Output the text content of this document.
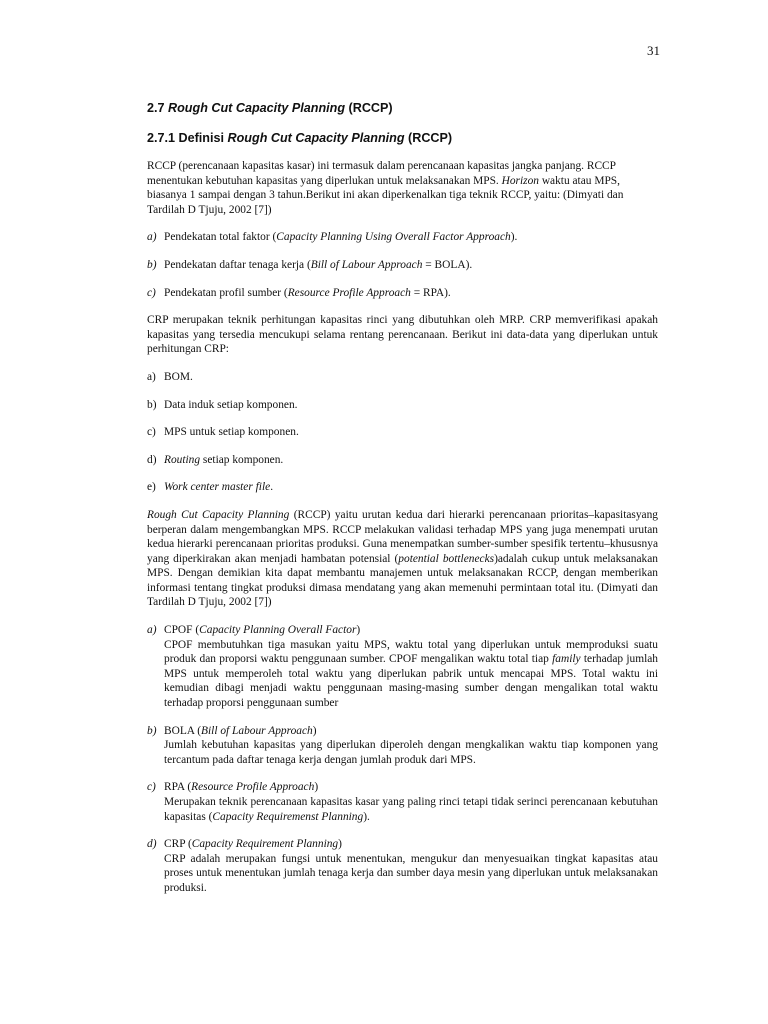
31
2.7 Rough Cut Capacity Planning (RCCP)
2.7.1 Definisi Rough Cut Capacity Planning (RCCP)

RCCP (perencanaan kapasitas kasar) ini termasuk dalam perencanaan kapasitas jangka panjang. RCCP menentukan kebutuhan kapasitas yang diperlukan untuk melaksanakan MPS. Horizon waktu atau MPS, biasanya 1 sampai dengan 3 tahun.Berikut ini akan diperkenalkan tiga teknik RCCP, yaitu: (Dimyati dan Tardilah D Tjuju, 2002 [7])

a) Pendekatan total faktor (Capacity Planning Using Overall Factor Approach).
b) Pendekatan daftar tenaga kerja (Bill of Labour Approach = BOLA).
c) Pendekatan profil sumber (Resource Profile Approach = RPA).

CRP merupakan teknik perhitungan kapasitas rinci yang dibutuhkan oleh MRP. CRP memverifikasi apakah kapasitas yang tersedia mencukupi selama rentang perencanaan. Berikut ini data-data yang diperlukan untuk perhitungan CRP:

a) BOM.
b) Data induk setiap komponen.
c) MPS untuk setiap komponen.
d) Routing setiap komponen.
e) Work center master file.

Rough Cut Capacity Planning (RCCP) yaitu urutan kedua dari hierarki perencanaan prioritas–kapasitasyang berperan dalam mengembangkan MPS. RCCP melakukan validasi terhadap MPS yang juga menempati urutan kedua hierarki perencanaan prioritas produksi. Guna menempatkan sumber-sumber spesifik tertentu–khususnya yang diperkirakan akan menjadi hambatan potensial (potential bottlenecks)adalah cukup untuk melaksanakan MPS. Dengan demikian kita dapat membantu manajemen untuk melaksanakan RCCP, dengan memberikan informasi tentang tingkat produksi dimasa mendatang yang akan memenuhi permintaan total itu. (Dimyati dan Tardilah D Tjuju, 2002 [7])

a) CPOF (Capacity Planning Overall Factor)
CPOF membutuhkan tiga masukan yaitu MPS, waktu total yang diperlukan untuk memproduksi suatu produk dan proporsi waktu penggunaan sumber. CPOF mengalikan waktu total tiap family terhadap jumlah MPS untuk memperoleh total waktu yang diperlukan pabrik untuk mencapai MPS. Total waktu ini kemudian dibagi menjadi waktu penggunaan masing-masing sumber dengan mengalikan total waktu terhadap proporsi penggunaan sumber
b) BOLA (Bill of Labour Approach)
Jumlah kebutuhan kapasitas yang diperlukan diperoleh dengan mengkalikan waktu tiap komponen yang tercantum pada daftar tenaga kerja dengan jumlah produk dari MPS.
c) RPA (Resource Profile Approach)
Merupakan teknik perencanaan kapasitas kasar yang paling rinci tetapi tidak serinci perencanaan kebutuhan kapasitas (Capacity Requiremenst Planning).
d) CRP (Capacity Requirement Planning)
CRP adalah merupakan fungsi untuk menentukan, mengukur dan menyesuaikan tingkat kapasitas atau proses untuk menentukan jumlah tenaga kerja dan sumber daya mesin yang diperlukan untuk melaksanakan produksi.
